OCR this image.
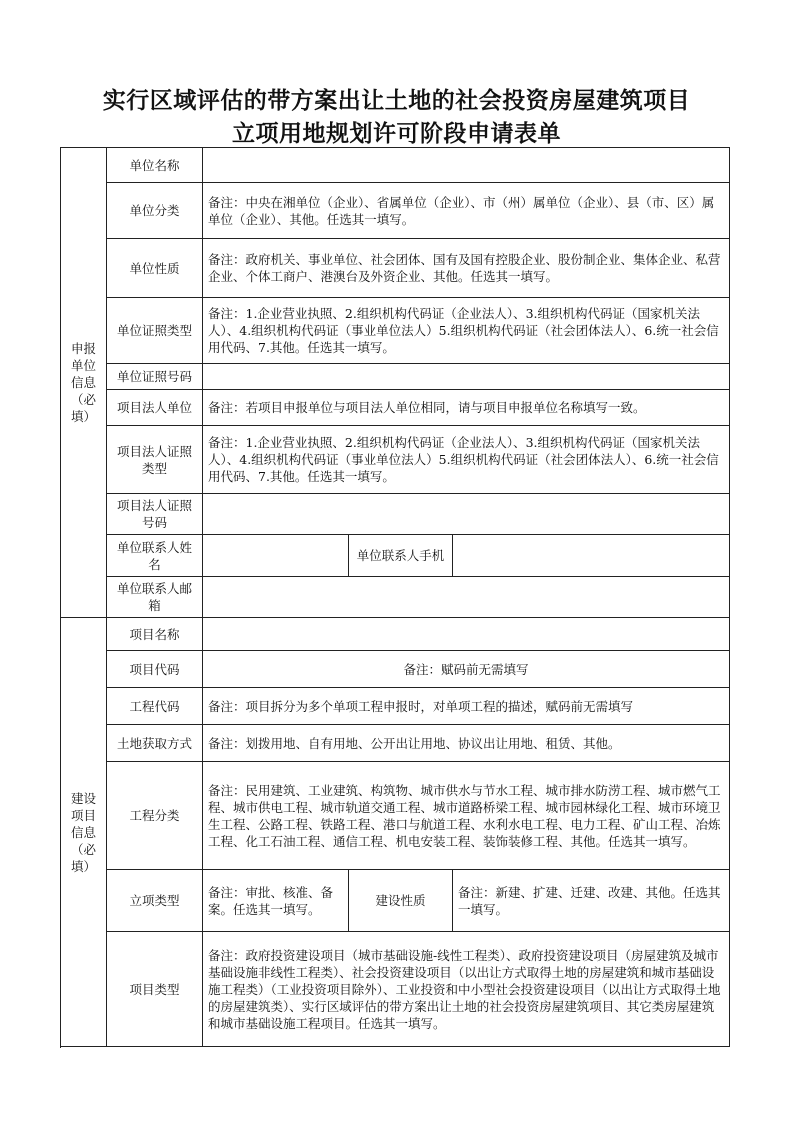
实行区域评估的带方案出让土地的社会投资房屋建筑项目
立项用地规划许可阶段申请表单
申报单位信息（必填）	单位名称			
	单位分类	备注：中央在湘单位（企业）、省属单位（企业）、市（州）属单位（企业）、县（市、区）属单位（企业）、其他。任选其一填写。		
	单位性质	备注：政府机关、事业单位、社会团体、国有及国有控股企业、股份制企业、集体企业、私营企业、个体工商户、港澳台及外资企业、其他。任选其一填写。		
	单位证照类型	备注：1.企业营业执照、2.组织机构代码证（企业法人）、3.组织机构代码证（国家机关法人）、4.组织机构代码证（事业单位法人）5.组织机构代码证（社会团体法人）、6.统一社会信用代码、7.其他。任选其一填写。		
	单位证照号码			
	项目法人单位	备注：若项目申报单位与项目法人单位相同，请与项目申报单位名称填写一致。		
	项目法人证照类型	备注：1.企业营业执照、2.组织机构代码证（企业法人）、3.组织机构代码证（国家机关法人）、4.组织机构代码证（事业单位法人）5.组织机构代码证（社会团体法人）、6.统一社会信用代码、7.其他。任选其一填写。		
	项目法人证照号码			
	单位联系人姓名		单位联系人手机	
	单位联系人邮箱			

建设项目信息（必填）	项目名称			
	项目代码	备注：赋码前无需填写		
	工程代码	备注：项目拆分为多个单项工程申报时，对单项工程的描述，赋码前无需填写		
	土地获取方式	备注：划拨用地、自有用地、公开出让用地、协议出让用地、租赁、其他。		
	工程分类	备注：民用建筑、工业建筑、构筑物、城市供水与节水工程、城市排水防涝工程、城市燃气工程、城市供电工程、城市轨道交通工程、城市道路桥梁工程、城市园林绿化工程、城市环境卫生工程、公路工程、铁路工程、港口与航道工程、水利水电工程、电力工程、矿山工程、冶炼工程、化工石油工程、通信工程、机电安装工程、装饰装修工程、其他。任选其一填写。		
	立项类型	备注：审批、核准、备案。任选其一填写。	建设性质	备注：新建、扩建、迁建、改建、其他。任选其一填写。
	项目类型	备注：政府投资建设项目（城市基础设施-线性工程类）、政府投资建设项目（房屋建筑及城市基础设施非线性工程类）、社会投资建设项目（以出让方式取得土地的房屋建筑和城市基础设施工程类）（工业投资项目除外）、工业投资和中小型社会投资建设项目（以出让方式取得土地的房屋建筑类）、实行区域评估的带方案出让土地的社会投资房屋建筑项目、其它类房屋建筑和城市基础设施工程项目。任选其一填写。		
